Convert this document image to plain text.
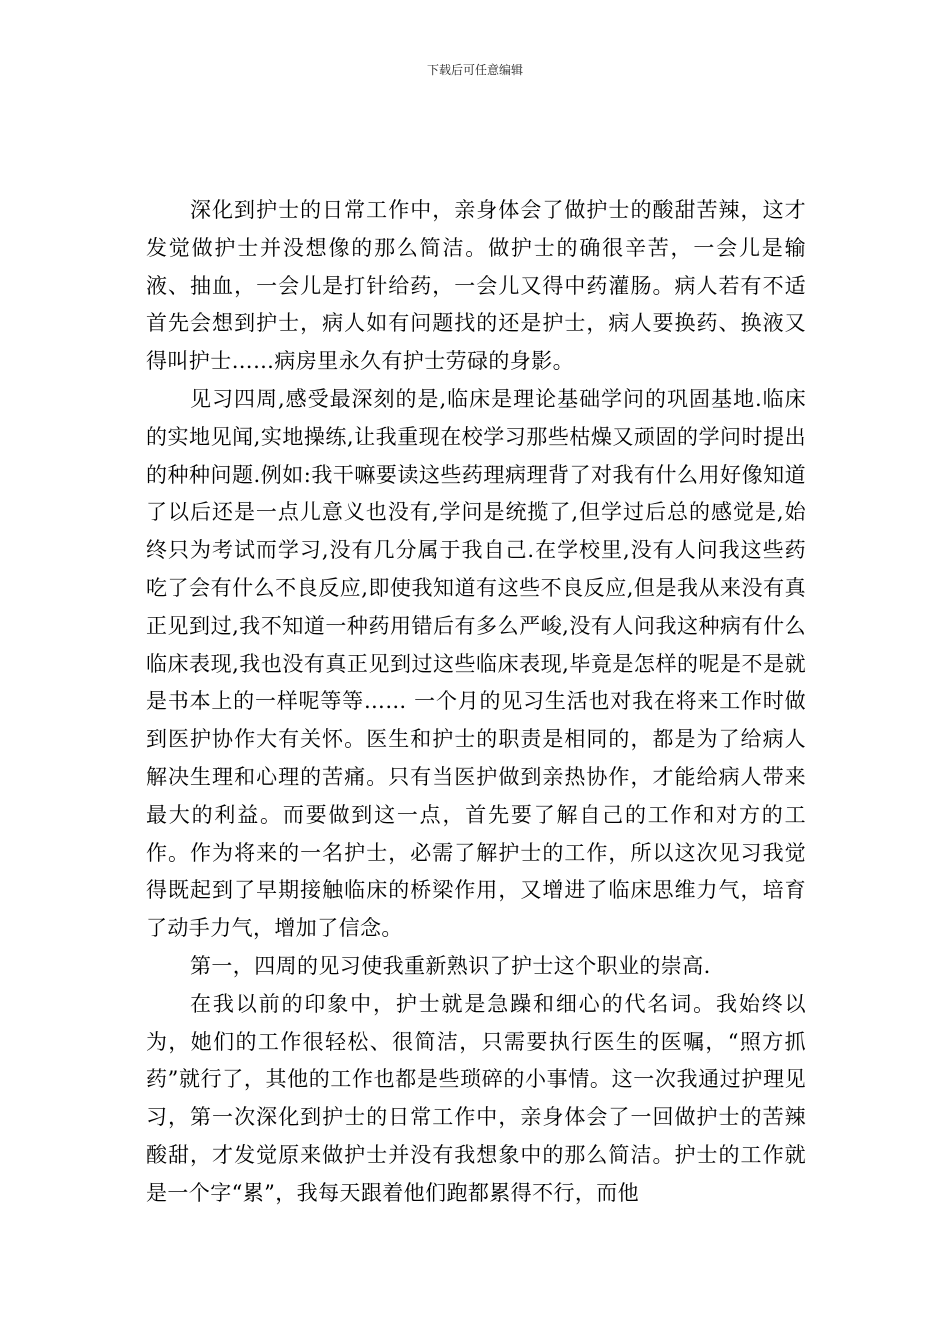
下载后可任意编辑

深化到护士的日常工作中，亲身体会了做护士的酸甜苦辣，这才发觉做护士并没想像的那么简洁。做护士的确很辛苦，一会儿是输液、抽血，一会儿是打针给药，一会儿又得中药灌肠。病人若有不适首先会想到护士，病人如有问题找的还是护士，病人要换药、换液又得叫护士……病房里永久有护士劳碌的身影。

见习四周,感受最深刻的是,临床是理论基础学问的巩固基地.临床的实地见闻,实地操练,让我重现在校学习那些枯燥又顽固的学问时提出的种种问题.例如:我干嘛要读这些药理病理背了对我有什么用好像知道了以后还是一点儿意义也没有,学问是统揽了,但学过后总的感觉是,始终只为考试而学习,没有几分属于我自己.在学校里,没有人问我这些药吃了会有什么不良反应,即使我知道有这些不良反应,但是我从来没有真正见到过,我不知道一种药用错后有多么严峻,没有人问我这种病有什么临床表现,我也没有真正见到过这些临床表现,毕竟是怎样的呢是不是就是书本上的一样呢等等…… 一个月的见习生活也对我在将来工作时做到医护协作大有关怀。医生和护士的职责是相同的，都是为了给病人解决生理和心理的苦痛。只有当医护做到亲热协作，才能给病人带来最大的利益。而要做到这一点，首先要了解自己的工作和对方的工作。作为将来的一名护士，必需了解护士的工作，所以这次见习我觉得既起到了早期接触临床的桥梁作用，又增进了临床思维力气，培育了动手力气，增加了信念。

第一，四周的见习使我重新熟识了护士这个职业的崇高.

在我以前的印象中，护士就是急躁和细心的代名词。我始终以为，她们的工作很轻松、很简洁，只需要执行医生的医嘱，“照方抓药”就行了，其他的工作也都是些琐碎的小事情。这一次我通过护理见习，第一次深化到护士的日常工作中，亲身体会了一回做护士的苦辣酸甜，才发觉原来做护士并没有我想象中的那么简洁。护士的工作就是一个字“累”，我每天跟着他们跑都累得不行，而他
